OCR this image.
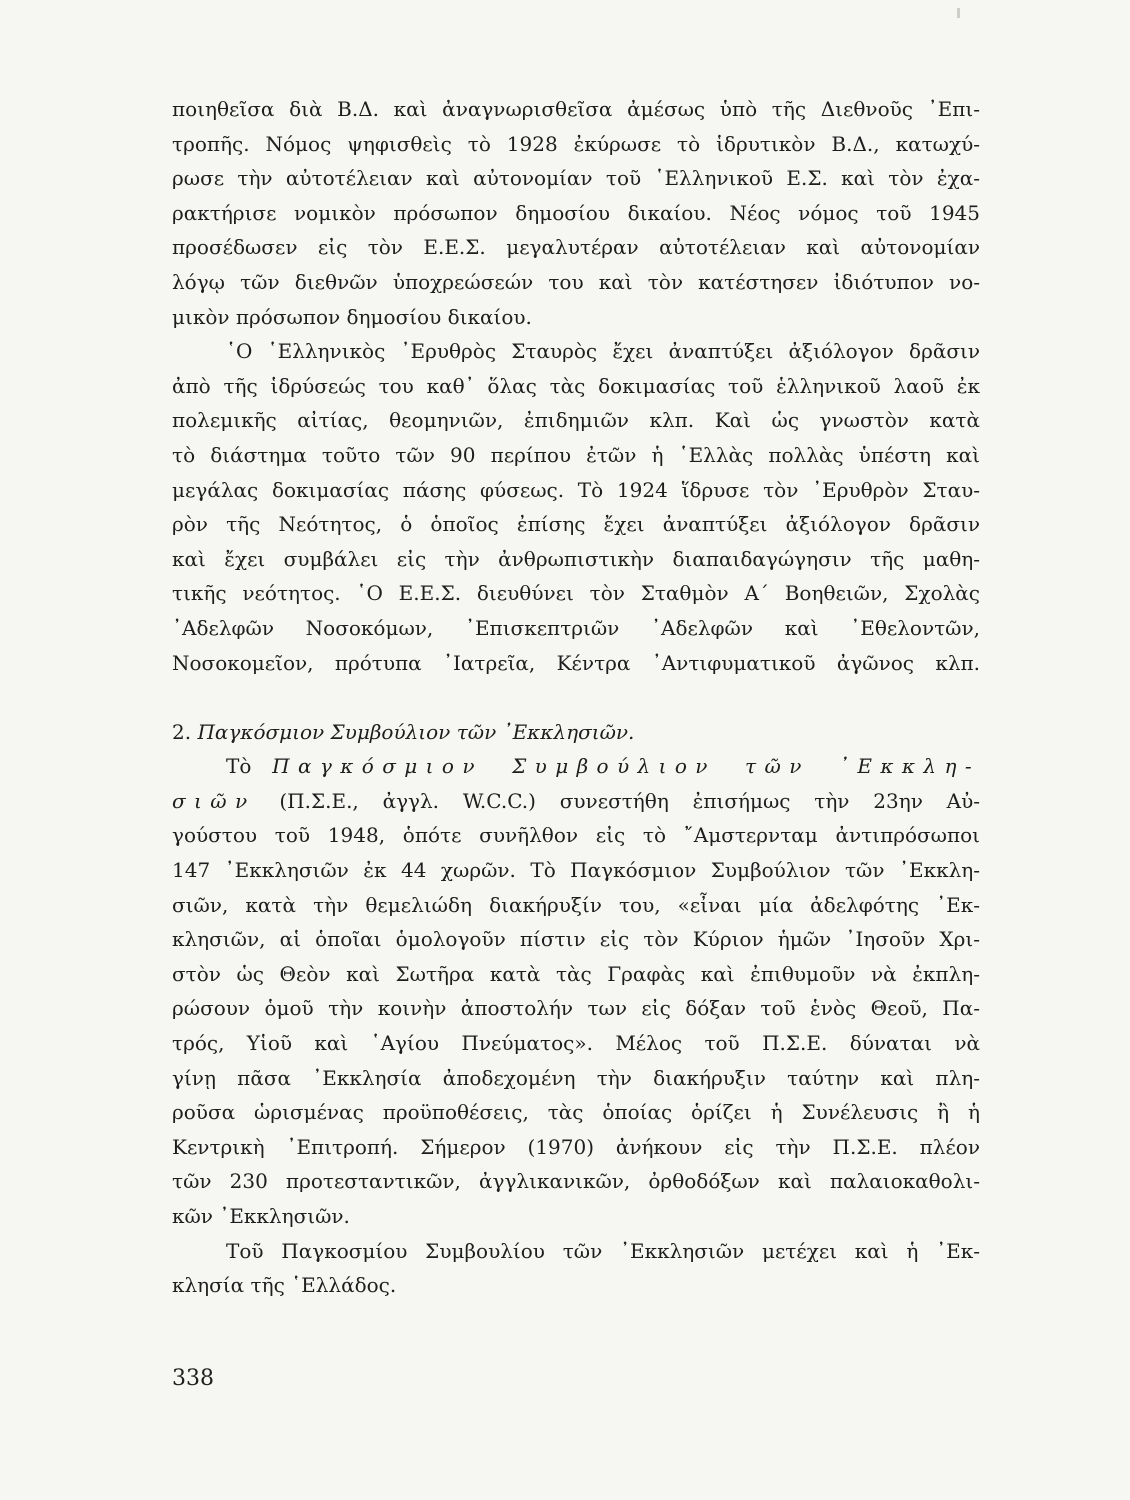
ποιηθεῖσα διὰ Β.Δ. καὶ ἀναγνωρισθεῖσα ἀμέσως ὑπὸ τῆς Διεθνοῦς ᾿Επι-
τροπῆς. Νόμος ψηφισθεὶς τὸ 1928 ἐκύρωσε τὸ ἱδρυτικὸν Β.Δ., κατωχύ-
ρωσε τὴν αὐτοτέλειαν καὶ αὐτονομίαν τοῦ ῾Ελληνικοῦ Ε.Σ. καὶ τὸν ἐχα-
ρακτήρισε νομικὸν πρόσωπον δημοσίου δικαίου. Νέος νόμος τοῦ 1945
προσέδωσεν εἰς τὸν Ε.Ε.Σ. μεγαλυτέραν αὐτοτέλειαν καὶ αὐτονομίαν
λόγῳ τῶν διεθνῶν ὑποχρεώσεών του καὶ τὸν κατέστησεν ἰδιότυπον νο-
μικὸν πρόσωπον δημοσίου δικαίου.
῾Ο ῾Ελληνικὸς ᾿Ερυθρὸς Σταυρὸς ἔχει ἀναπτύξει ἀξιόλογον δρᾶσιν
ἀπὸ τῆς ἱδρύσεώς του καθ᾿ ὅλας τὰς δοκιμασίας τοῦ ἑλληνικοῦ λαοῦ ἐκ
πολεμικῆς αἰτίας, θεομηνιῶν, ἐπιδημιῶν κλπ. Καὶ ὡς γνωστὸν κατὰ
τὸ διάστημα τοῦτο τῶν 90 περίπου ἐτῶν ἡ ῾Ελλὰς πολλὰς ὑπέστη καὶ
μεγάλας δοκιμασίας πάσης φύσεως. Τὸ 1924 ἵδρυσε τὸν ᾿Ερυθρὸν Σταυ-
ρὸν τῆς Νεότητος, ὁ ὁποῖος ἐπίσης ἔχει ἀναπτύξει ἀξιόλογον δρᾶσιν
καὶ ἔχει συμβάλει εἰς τὴν ἀνθρωπιστικὴν διαπαιδαγώγησιν τῆς μαθη-
τικῆς νεότητος. ῾Ο Ε.Ε.Σ. διευθύνει τὸν Σταθμὸν Α΄ Βοηθειῶν, Σχολὰς
᾿Αδελφῶν Νοσοκόμων, ᾿Επισκεπτριῶν ᾿Αδελφῶν καὶ ᾿Εθελοντῶν,
Νοσοκομεῖον, πρότυπα ᾿Ιατρεῖα, Κέντρα ᾿Αντιφυματικοῦ ἀγῶνος κλπ.
2. Παγκόσμιον Συμβούλιον τῶν ᾿Εκκλησιῶν.
Τὸ Παγκόσμιον Συμβούλιον τῶν ᾿Εκκλη-
σιῶν (Π.Σ.Ε., ἀγγλ. W.C.C.) συνεστήθη ἐπισήμως τὴν 23ην Αὐ-
γούστου τοῦ 1948, ὁπότε συνῆλθον εἰς τὸ ῎Αμστερνταμ ἀντιπρόσωποι
147 ᾿Εκκλησιῶν ἐκ 44 χωρῶν. Τὸ Παγκόσμιον Συμβούλιον τῶν ᾿Εκκλη-
σιῶν, κατὰ τὴν θεμελιώδη διακήρυξίν του, «εἶναι μία ἀδελφότης ᾿Εκ-
κλησιῶν, αἱ ὁποῖαι ὁμολογοῦν πίστιν εἰς τὸν Κύριον ἡμῶν ᾿Ιησοῦν Χρι-
στὸν ὡς Θεὸν καὶ Σωτῆρα κατὰ τὰς Γραφὰς καὶ ἐπιθυμοῦν νὰ ἐκπλη-
ρώσουν ὁμοῦ τὴν κοινὴν ἀποστολήν των εἰς δόξαν τοῦ ἑνὸς Θεοῦ, Πα-
τρός, Υἱοῦ καὶ ῾Αγίου Πνεύματος». Μέλος τοῦ Π.Σ.Ε. δύναται νὰ
γίνῃ πᾶσα ᾿Εκκλησία ἀποδεχομένη τὴν διακήρυξιν ταύτην καὶ πλη-
ροῦσα ὡρισμένας προϋποθέσεις, τὰς ὁποίας ὁρίζει ἡ Συνέλευσις ἢ ἡ
Κεντρικὴ ᾿Επιτροπή. Σήμερον (1970) ἀνήκουν εἰς τὴν Π.Σ.Ε. πλέον
τῶν 230 προτεσταντικῶν, ἀγγλικανικῶν, ὀρθοδόξων καὶ παλαιοκαθολι-
κῶν ᾿Εκκλησιῶν.
Τοῦ Παγκοσμίου Συμβουλίου τῶν ᾿Εκκλησιῶν μετέχει καὶ ἡ ᾿Εκ-
κλησία τῆς ῾Ελλάδος.
338
